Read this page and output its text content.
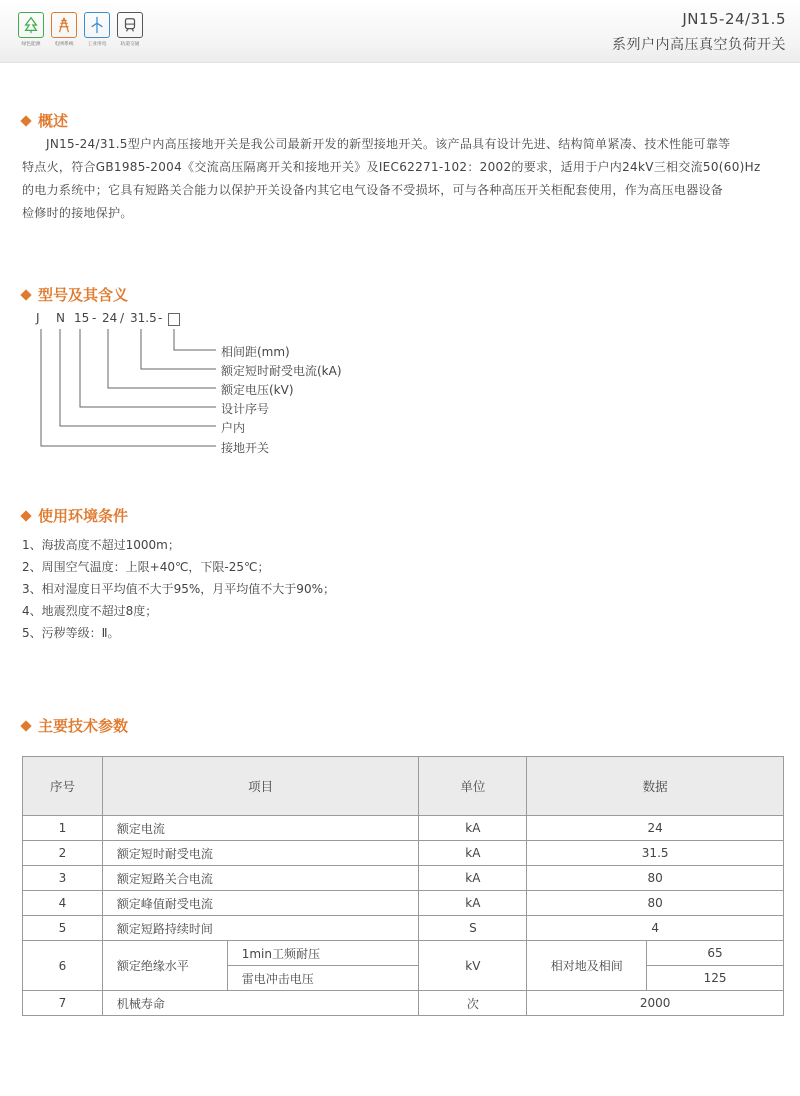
绿色能源	电网系统	工业用电	轨道交通
JN15-24/31.5
系列户内高压真空负荷开关
概述
JN15-24/31.5型户内高压接地开关是我公司最新开发的新型接地开关。该产品具有设计先进、结构简单紧凑、技术性能可靠等
特点火，符合GB1985-2004《交流高压隔离开关和接地开关》及IEC62271-102：2002的要求，适用于户内24kV三相交流50(60)Hz
的电力系统中；它具有短路关合能力以保护开关设备内其它电气设备不受损坏，可与各种高压开关柜配套使用，作为高压电器设备
检修时的接地保护。
型号及其含义
J N 15 - 24 / 31.5 -
相间距(mm)
额定短时耐受电流(kA)
额定电压(kV)
设计序号
户内
接地开关
使用环境条件
1、海拔高度不超过1000m；
2、周围空气温度：上限+40℃，下限-25℃；
3、相对湿度日平均值不大于95%，月平均值不大于90%；
4、地震烈度不超过8度；
5、污秽等级：Ⅱ。
主要技术参数
序号	项目		单位	数据	
1	额定电流		kA	24	
2	额定短时耐受电流		kA	31.5	
3	额定短路关合电流		kA	80	
4	额定峰值耐受电流		kA	80	
5	额定短路持续时间		S	4	
6	额定绝缘水平	1min工频耐压	kV	相对地及相间	65
		雷电冲击电压			125
7	机械寿命		次	2000	
